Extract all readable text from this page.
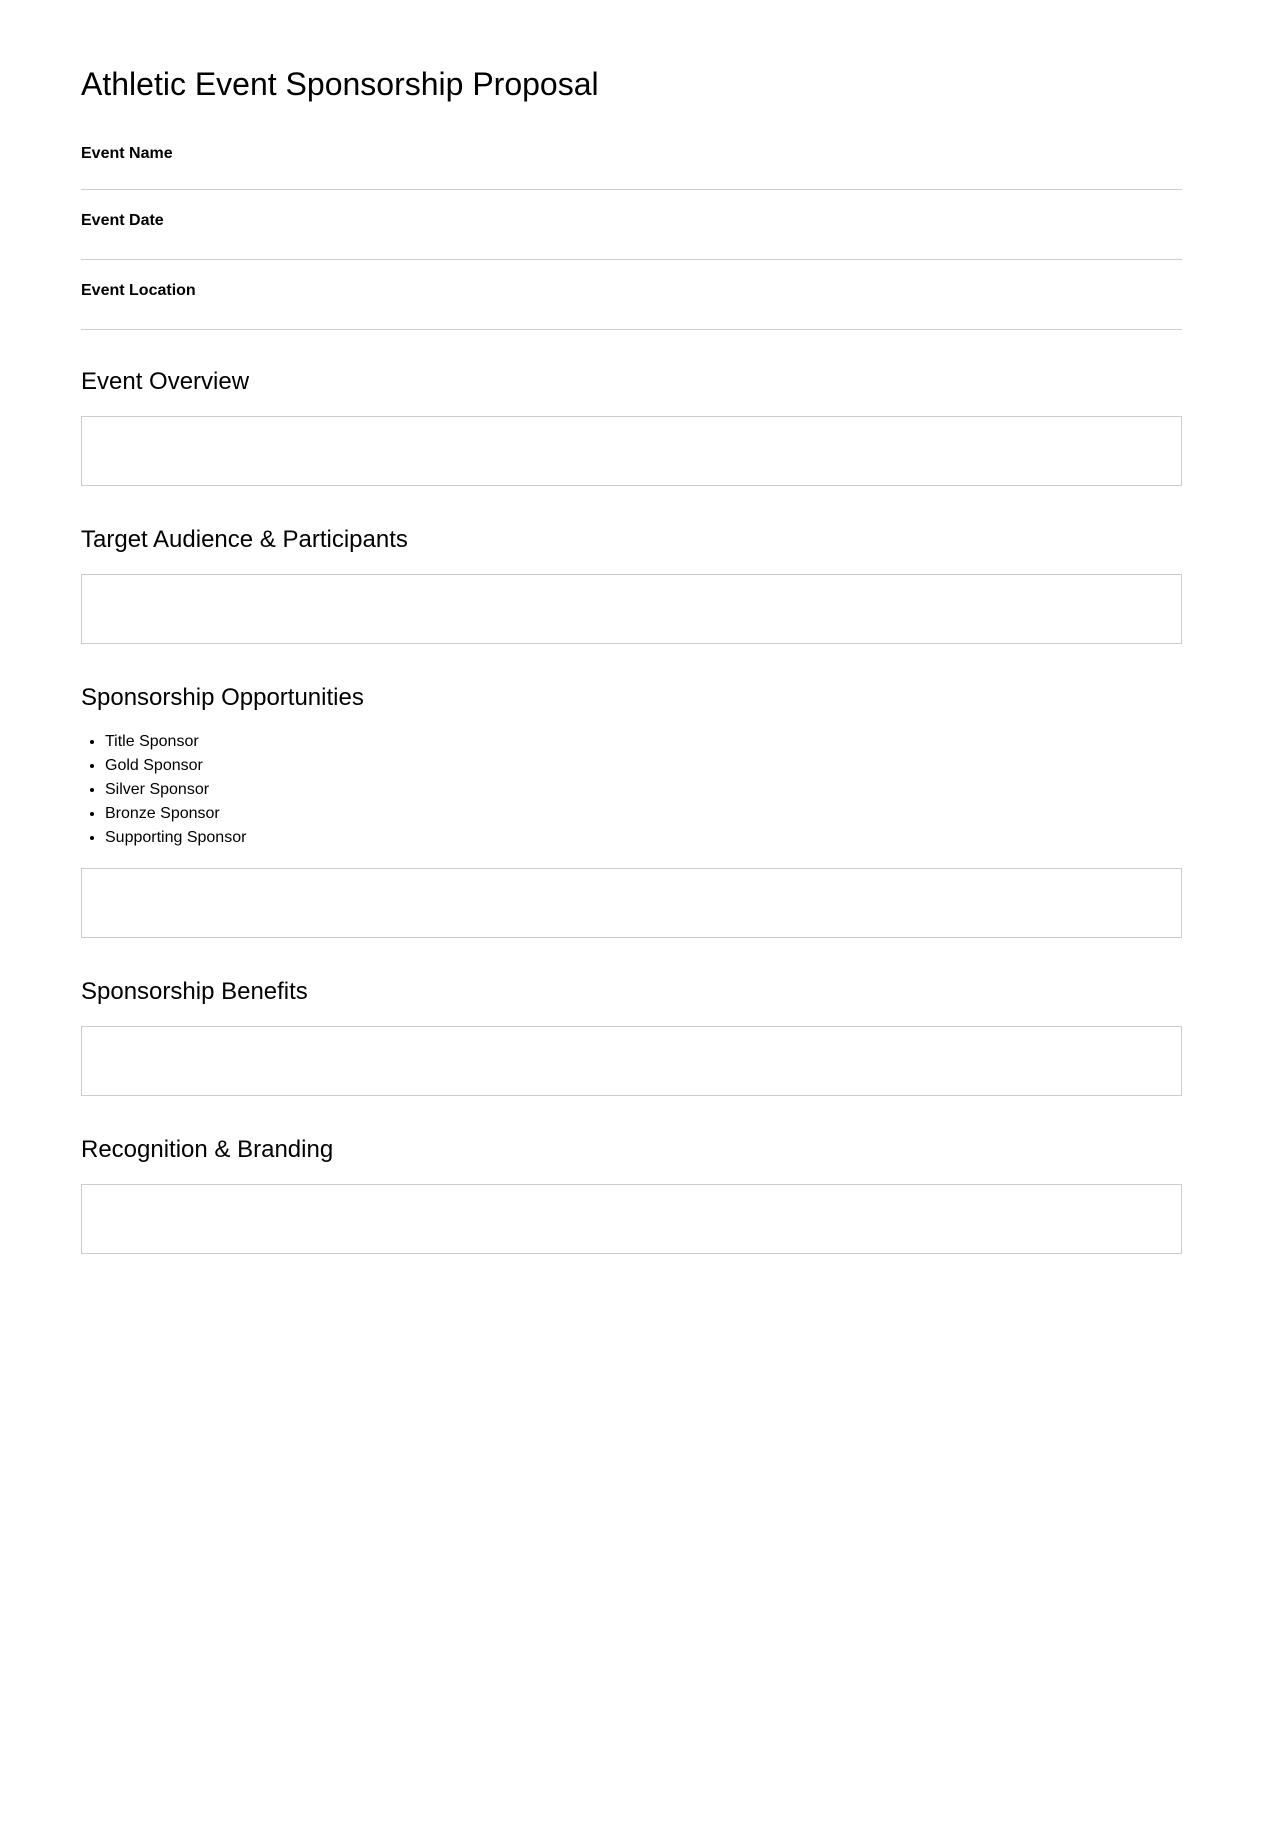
Athletic Event Sponsorship Proposal
Event Name
Event Date
Event Location
Event Overview
Target Audience & Participants
Sponsorship Opportunities
• Title Sponsor
• Gold Sponsor
• Silver Sponsor
• Bronze Sponsor
• Supporting Sponsor
Sponsorship Benefits
Recognition & Branding
